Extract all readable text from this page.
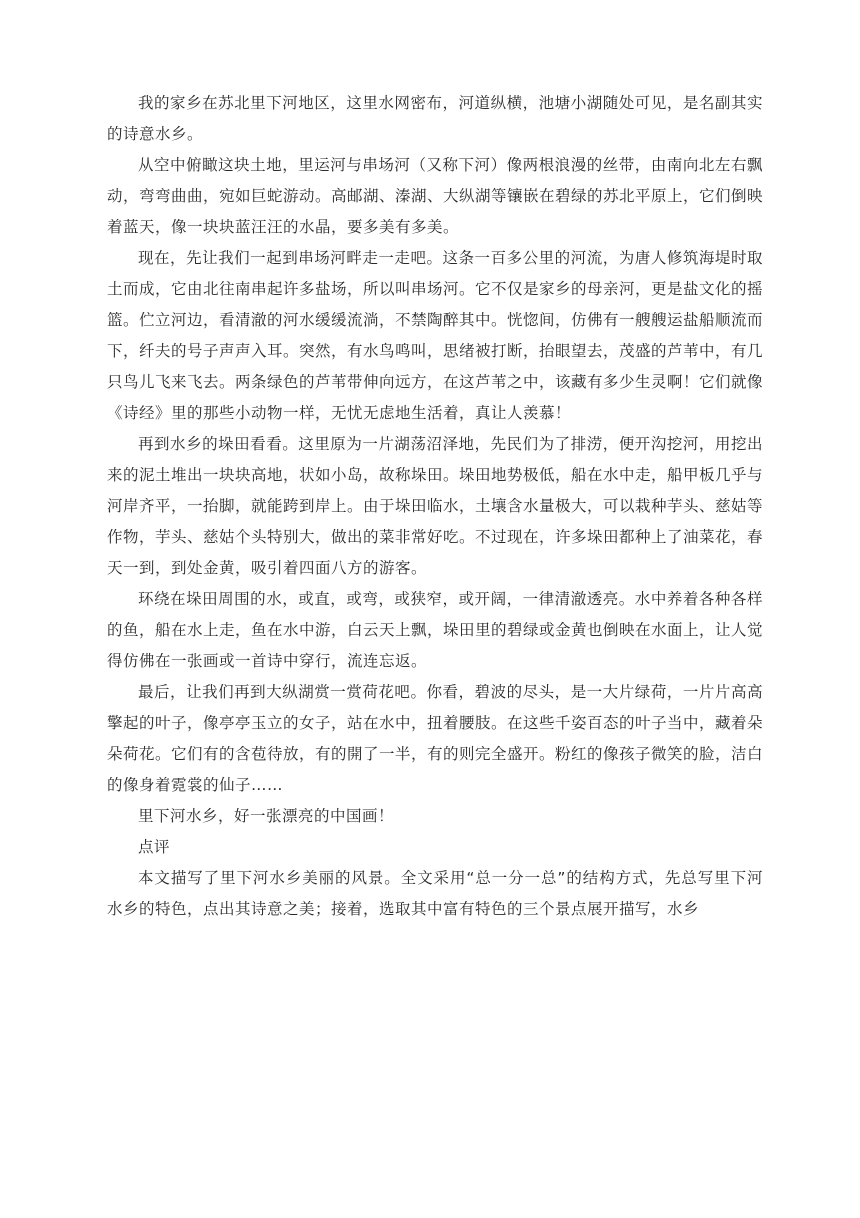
我的家乡在苏北里下河地区，这里水网密布，河道纵横，池塘小湖随处可见，是名副其实的诗意水乡。

从空中俯瞰这块土地，里运河与串场河（又称下河）像两根浪漫的丝带，由南向北左右飘动，弯弯曲曲，宛如巨蛇游动。高邮湖、溱湖、大纵湖等镶嵌在碧绿的苏北平原上，它们倒映着蓝天，像一块块蓝汪汪的水晶，要多美有多美。

现在，先让我们一起到串场河畔走一走吧。这条一百多公里的河流，为唐人修筑海堤时取土而成，它由北往南串起许多盐场，所以叫串场河。它不仅是家乡的母亲河，更是盐文化的摇篮。伫立河边，看清澈的河水缓缓流淌，不禁陶醉其中。恍惚间，仿佛有一艘艘运盐船顺流而下，纤夫的号子声声入耳。突然，有水鸟鸣叫，思绪被打断，抬眼望去，茂盛的芦苇中，有几只鸟儿飞来飞去。两条绿色的芦苇带伸向远方，在这芦苇之中，该藏有多少生灵啊！它们就像《诗经》里的那些小动物一样，无忧无虑地生活着，真让人羡慕！

再到水乡的垛田看看。这里原为一片湖荡沼泽地，先民们为了排涝，便开沟挖河，用挖出来的泥土堆出一块块高地，状如小岛，故称垛田。垛田地势极低，船在水中走，船甲板几乎与河岸齐平，一抬脚，就能跨到岸上。由于垛田临水，土壤含水量极大，可以栽种芋头、慈姑等作物，芋头、慈姑个头特别大，做出的菜非常好吃。不过现在，许多垛田都种上了油菜花，春天一到，到处金黄，吸引着四面八方的游客。

环绕在垛田周围的水，或直，或弯，或狭窄，或开阔，一律清澈透亮。水中养着各种各样的鱼，船在水上走，鱼在水中游，白云天上飘，垛田里的碧绿或金黄也倒映在水面上，让人觉得仿佛在一张画或一首诗中穿行，流连忘返。

最后，让我们再到大纵湖赏一赏荷花吧。你看，碧波的尽头，是一大片绿荷，一片片高高擎起的叶子，像亭亭玉立的女子，站在水中，扭着腰肢。在这些千姿百态的叶子当中，藏着朵朵荷花。它们有的含苞待放，有的開了一半，有的则完全盛开。粉红的像孩子微笑的脸，洁白的像身着霓裳的仙子……

里下河水乡，好一张漂亮的中国画！

点评

本文描写了里下河水乡美丽的风景。全文采用“总一分一总”的结构方式，先总写里下河水乡的特色，点出其诗意之美；接着，选取其中富有特色的三个景点展开描写，水乡
